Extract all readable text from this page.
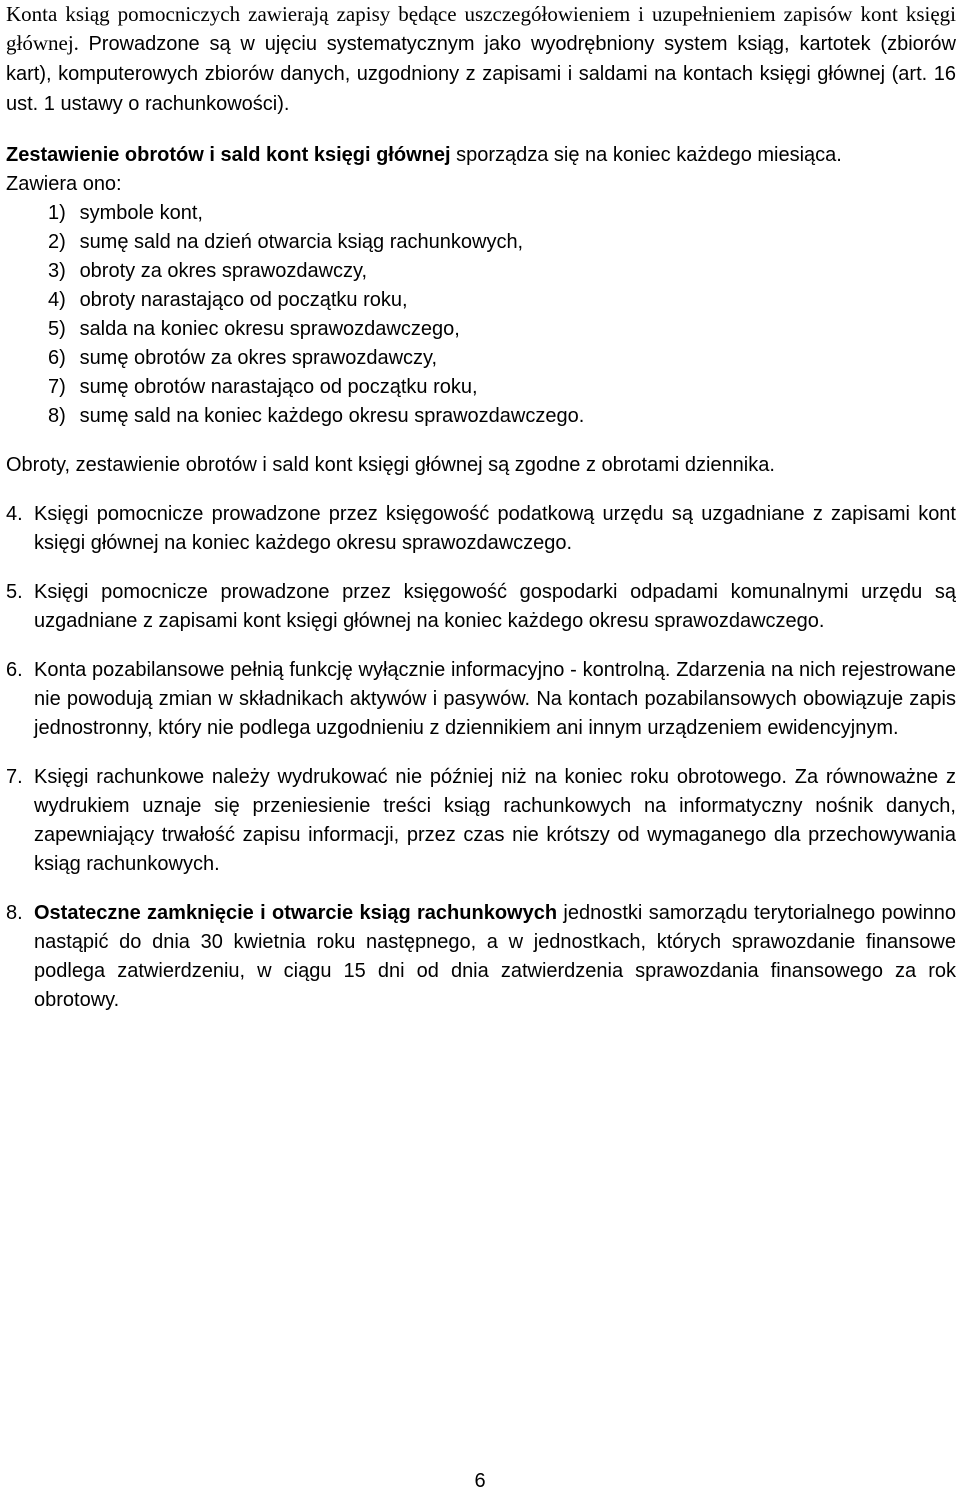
Konta ksiąg pomocniczych zawierają zapisy będące uszczegółowieniem i uzupełnieniem zapisów kont księgi głównej. Prowadzone są w ujęciu systematycznym jako wyodrębniony system ksiąg, kartotek (zbiorów kart), komputerowych zbiorów danych, uzgodniony z zapisami i saldami na kontach księgi głównej (art. 16 ust. 1 ustawy o rachunkowości).

Zestawienie obrotów i sald kont księgi głównej sporządza się na koniec każdego miesiąca.

Zawiera ono:

1) symbole kont,
2) sumę sald na dzień otwarcia ksiąg rachunkowych,
3) obroty za okres sprawozdawczy,
4) obroty narastająco od początku roku,
5) salda na koniec okresu sprawozdawczego,
6) sumę obrotów za okres sprawozdawczy,
7) sumę obrotów narastająco od początku roku,
8) sumę sald na koniec każdego okresu sprawozdawczego.

Obroty, zestawienie obrotów i sald kont księgi głównej są zgodne z obrotami dziennika.

4. Księgi pomocnicze prowadzone przez księgowość podatkową urzędu są uzgadniane z zapisami kont księgi głównej na koniec każdego okresu sprawozdawczego.

5. Księgi pomocnicze prowadzone przez księgowość gospodarki odpadami komunalnymi urzędu są uzgadniane z zapisami kont księgi głównej na koniec każdego okresu sprawozdawczego.

6. Konta pozabilansowe pełnią funkcję wyłącznie informacyjno - kontrolną. Zdarzenia na nich rejestrowane nie powodują zmian w składnikach aktywów i pasywów. Na kontach pozabilansowych obowiązuje zapis jednostronny, który nie podlega uzgodnieniu z dziennikiem ani innym urządzeniem ewidencyjnym.

7. Księgi rachunkowe należy wydrukować nie później niż na koniec roku obrotowego. Za równoważne z wydrukiem uznaje się przeniesienie treści ksiąg rachunkowych na informatyczny nośnik danych, zapewniający trwałość zapisu informacji, przez czas nie krótszy od wymaganego dla przechowywania ksiąg rachunkowych.

8. Ostateczne zamknięcie i otwarcie ksiąg rachunkowych jednostki samorządu terytorialnego powinno nastąpić do dnia 30 kwietnia roku następnego, a w jednostkach, których sprawozdanie finansowe podlega zatwierdzeniu, w ciągu 15 dni od dnia zatwierdzenia sprawozdania finansowego za rok obrotowy.

6
